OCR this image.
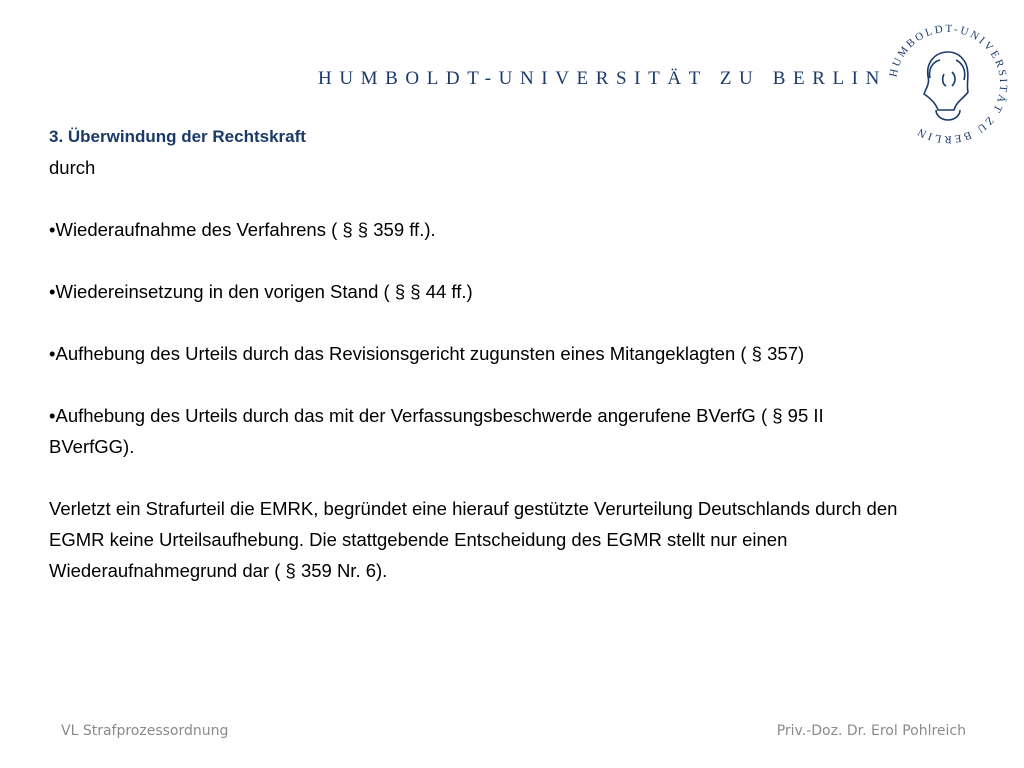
HUMBOLDT-UNIVERSITÄT ZU BERLIN HUMBOLDT-UNIVERSITÄT ZU BERLIN
3. Überwindung der Rechtskraft
durch
•Wiederaufnahme des Verfahrens ( § § 359 ff.).
•Wiedereinsetzung in den vorigen Stand ( § § 44 ff.)
•Aufhebung des Urteils durch das Revisionsgericht zugunsten eines Mitangeklagten ( § 357)
•Aufhebung des Urteils durch das mit der Verfassungsbeschwerde angerufene BVerfG ( § 95 II BVerfGG).
Verletzt ein Strafurteil die EMRK, begründet eine hierauf gestützte Verurteilung Deutschlands durch den EGMR keine Urteilsaufhebung. Die stattgebende Entscheidung des EGMR stellt nur einen Wiederaufnahmegrund dar ( § 359 Nr. 6).
VL Strafprozessordnung	Priv.-Doz. Dr. Erol Pohlreich
